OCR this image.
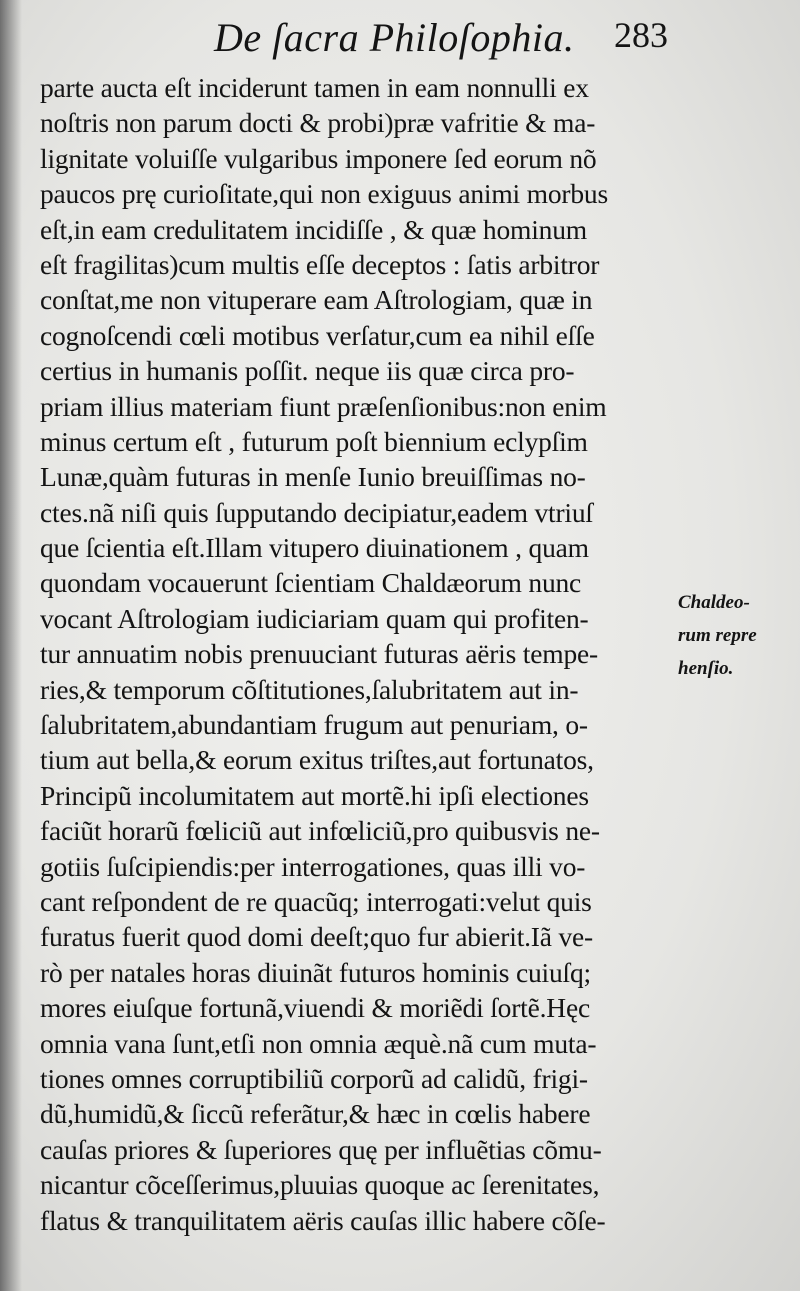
De ſacra Philoſophia. 283
parte aucta eſt inciderunt tamen in eam nonnulli ex
noſtris non parum docti & probi)præ vafritie & ma-
lignitate voluiſſe vulgaribus imponere ſed eorum nõ
paucos prę curioſitate,qui non exiguus animi morbus
eſt,in eam credulitatem incidiſſe , & quæ hominum
eſt fragilitas)cum multis eſſe deceptos : ſatis arbitror
conſtat,me non vituperare eam Aſtrologiam, quæ in
cognoſcendi cœli motibus verſatur,cum ea nihil eſſe
certius in humanis poſſit. neque iis quæ circa pro-
priam illius materiam fiunt præſenſionibus:non enim
minus certum eſt , futurum poſt biennium eclypſim
Lunæ,quàm futuras in menſe Iunio breuiſſimas no-
ctes.nã niſi quis ſupputando decipiatur,eadem vtriuſ
que ſcientia eſt.Illam vitupero diuinationem , quam
quondam vocauerunt ſcientiam Chaldæorum nunc
vocant Aſtrologiam iudiciariam quam qui profiten-
tur annuatim nobis prenuuciant futuras aëris tempe-
ries,& temporum cõſtitutiones,ſalubritatem aut in-
ſalubritatem,abundantiam frugum aut penuriam, o-
tium aut bella,& eorum exitus triſtes,aut fortunatos,
Principũ incolumitatem aut mortẽ.hi ipſi electiones
faciũt horarũ fœliciũ aut infœliciũ,pro quibusvis ne-
gotiis ſuſcipiendis:per interrogationes, quas illi vo-
cant reſpondent de re quacũq; interrogati:velut quis
furatus fuerit quod domi deeſt;quo fur abierit.Iã ve-
rò per natales horas diuinãt futuros hominis cuiuſq;
mores eiuſque fortunã,viuendi & moriẽdi ſortẽ.Hęc
omnia vana ſunt,etſi non omnia æquè.nã cum muta-
tiones omnes corruptibiliũ corporũ ad calidũ, frigi-
dũ,humidũ,& ſiccũ referãtur,& hæc in cœlis habere
cauſas priores & ſuperiores quę per influẽtias cõmu-
nicantur cõceſſerimus,pluuias quoque ac ſerenitates,
flatus & tranquilitatem aëris cauſas illic habere cõſe-
Chaldeo-
rum repre
henſio.
